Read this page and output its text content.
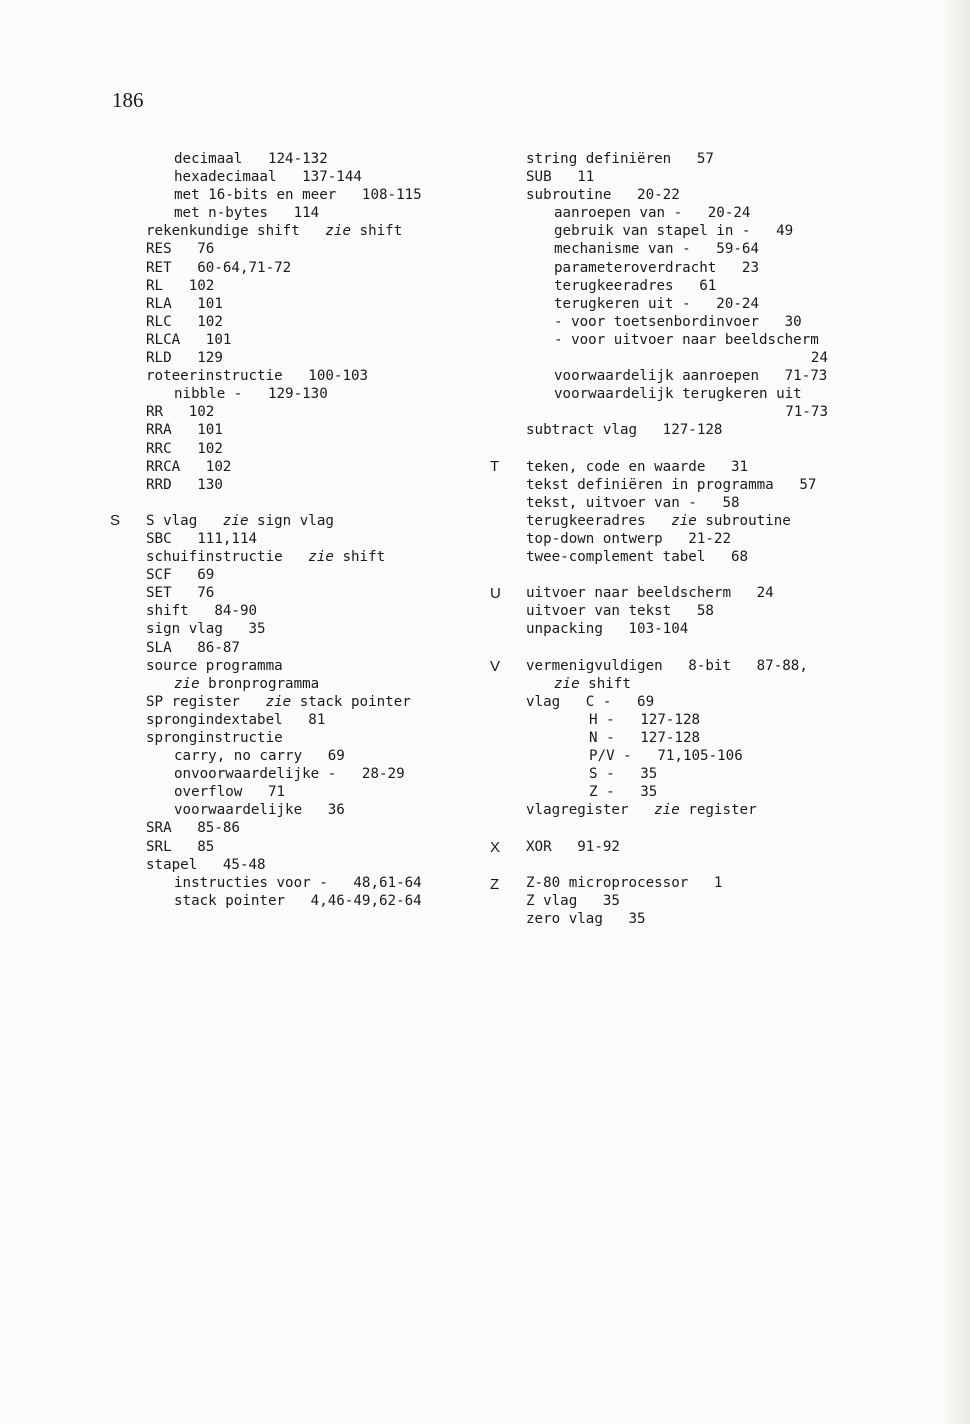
186
decimaal   124-132
hexadecimaal   137-144
met 16-bits en meer   108-115
met n-bytes   114
rekenkundige shift   zie shift
RES   76
RET   60-64,71-72
RL   102
RLA   101
RLC   102
RLCA   101
RLD   129
roteerinstructie   100-103
nibble -   129-130
RR   102
RRA   101
RRC   102
RRCA   102
RRD   130
S vlag   zie sign vlag
SBC   111,114
schuifinstructie   zie shift
SCF   69
SET   76
shift   84-90
sign vlag   35
SLA   86-87
source programma
zie bronprogramma
SP register   zie stack pointer
sprongindextabel   81
spronginstructie
carry, no carry   69
onvoorwaardelijke -   28-29
overflow   71
voorwaardelijke   36
SRA   85-86
SRL   85
stapel   45-48
instructies voor -   48,61-64
stack pointer   4,46-49,62-64
S
T
U
V
X
Z
string definiëren   57
SUB   11
subroutine   20-22
aanroepen van -   20-24
gebruik van stapel in -   49
mechanisme van -   59-64
parameteroverdracht   23
terugkeeradres   61
terugkeren uit -   20-24
- voor toetsenbordinvoer   30
- voor uitvoer naar beeldscherm
24
voorwaardelijk aanroepen   71-73
voorwaardelijk terugkeren uit
71-73
subtract vlag   127-128
teken, code en waarde   31
tekst definiëren in programma   57
tekst, uitvoer van -   58
terugkeeradres   zie subroutine
top-down ontwerp   21-22
twee-complement tabel   68
uitvoer naar beeldscherm   24
uitvoer van tekst   58
unpacking   103-104
vermenigvuldigen   8-bit   87-88,
zie shift
vlag   C -   69
H -   127-128
N -   127-128
P/V -   71,105-106
S -   35
Z -   35
vlagregister   zie register
XOR   91-92
Z-80 microprocessor   1
Z vlag   35
zero vlag   35
